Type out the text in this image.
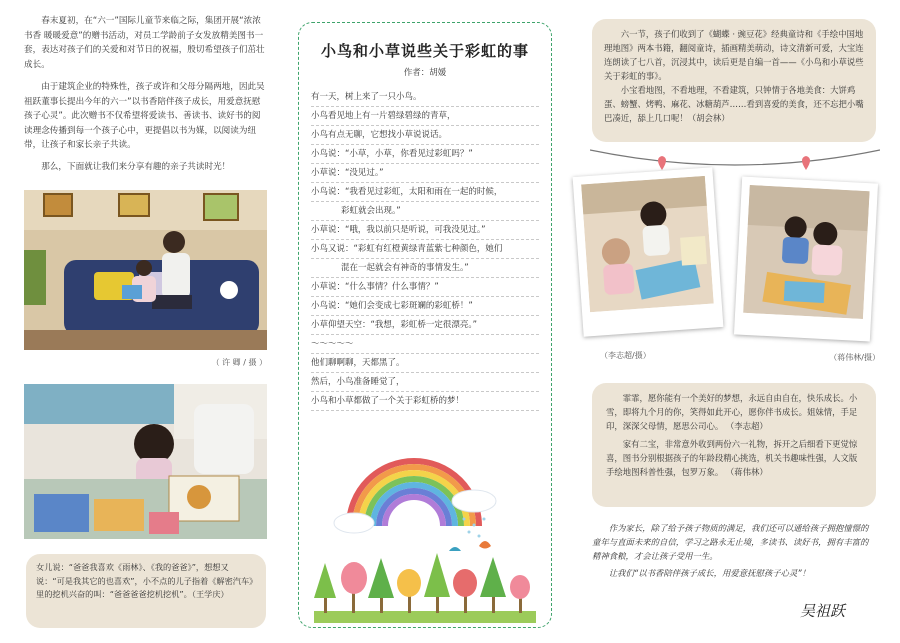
春末夏初，在“六一”国际儿童节来临之际，集团开展“浓浓书香 暖暖爱意”的赠书活动，对员工学龄前子女发放精美图书一套，表达对孩子们的关爱和对节日的祝福，殷切希望孩子们茁壮成长。

由于建筑企业的特殊性，孩子或许和父母分隔两地，因此吴祖跃董事长提出今年的六一”以书香陪伴孩子成长，用爱意抚慰孩子心灵”。此次赠书不仅希望将爱读书、善读书、读好书的阅读理念传播到每一个孩子心中，更提倡以书为媒，以阅读为纽带，让孩子和家长亲子共读。

那么，下面就让我们来分享有趣的亲子共读时光！

（ 许 卿 / 摄 ）
女儿说：“爸爸我喜欢《雨林》、《我的爸爸》”，想想又说：“可是我其它的也喜欢”，小不点的儿子指着《解密汽车》里的挖机兴奋的叫：“爸爸爸爸挖机挖机”。（王学庆）
小鸟和小草说些关于彩虹的事
作者：胡媛
有一天，树上来了一只小鸟。
小鸟看见地上有一片碧绿碧绿的青草，
小鸟有点无聊，它想找小草说说话。
小鸟说：“小草，小草，你看见过彩虹吗？”
小草说：“没见过。”
小鸟说：“我看见过彩虹，太阳和雨在一起的时候，
彩虹就会出现。”
小草说：“哦，我以前只是听说，可我没见过。”
小鸟又说：“彩虹有红橙黄绿青蓝紫七种颜色，她们
混在一起就会有神奇的事情发生。”
小草说：“什么事情？什么事情？”
小鸟说：“她们会变成七彩斑斓的彩虹桥！”
小草仰望天空：“我想，彩虹桥一定很漂亮。”
～～～～～
他们聊啊聊，天都黑了。
然后，小鸟准备睡觉了，
小鸟和小草都做了一个关于彩虹桥的梦！
六一节，孩子们收到了《蝴蝶 · 豌豆花》经典童诗和《手绘中国地理地图》两本书籍，翻阅童诗，插画精美萌动，诗文清新可爱，大宝连连朗读了七八首，沉浸其中，读后更是自编一首——《小鸟和小草说些关于彩虹的事》。
小宝看地图，不看地理，不看建筑，只钟情于各地美食：大饼鸡蛋、螃蟹、烤鸭、麻花、冰糖葫芦……看到喜爱的美食，还不忘把小嘴巴凑近，舔上几口呢！（胡会林）
（李志超/摄）	（蒋伟林/摄）
霏霏，愿你能有一个美好的梦想，永远自由自在，快乐成长。小雪，即将九个月的你，笑得如此开心，愿你伴书成长。姐妹情，手足印，深深父母情，愿思公司心。 （李志超）
家有二宝，非常意外收到两份六一礼物，拆开之后细看下更觉惊喜，图书分别根据孩子的年龄段精心挑选，机关书趣味性强，人文版手绘地图科普性强，包罗万象。 （蒋伟林）
作为家长，除了给予孩子物质的满足，我们还可以通给孩子拥抱憧憬的童年与直面未来的自信，学习之路永无止境，多读书、读好书，拥有丰富的精神食粮，才会让孩子受用一生。
让我们“以书香陪伴孩子成长，用爱意抚慰孩子心灵”！
吴祖跃
